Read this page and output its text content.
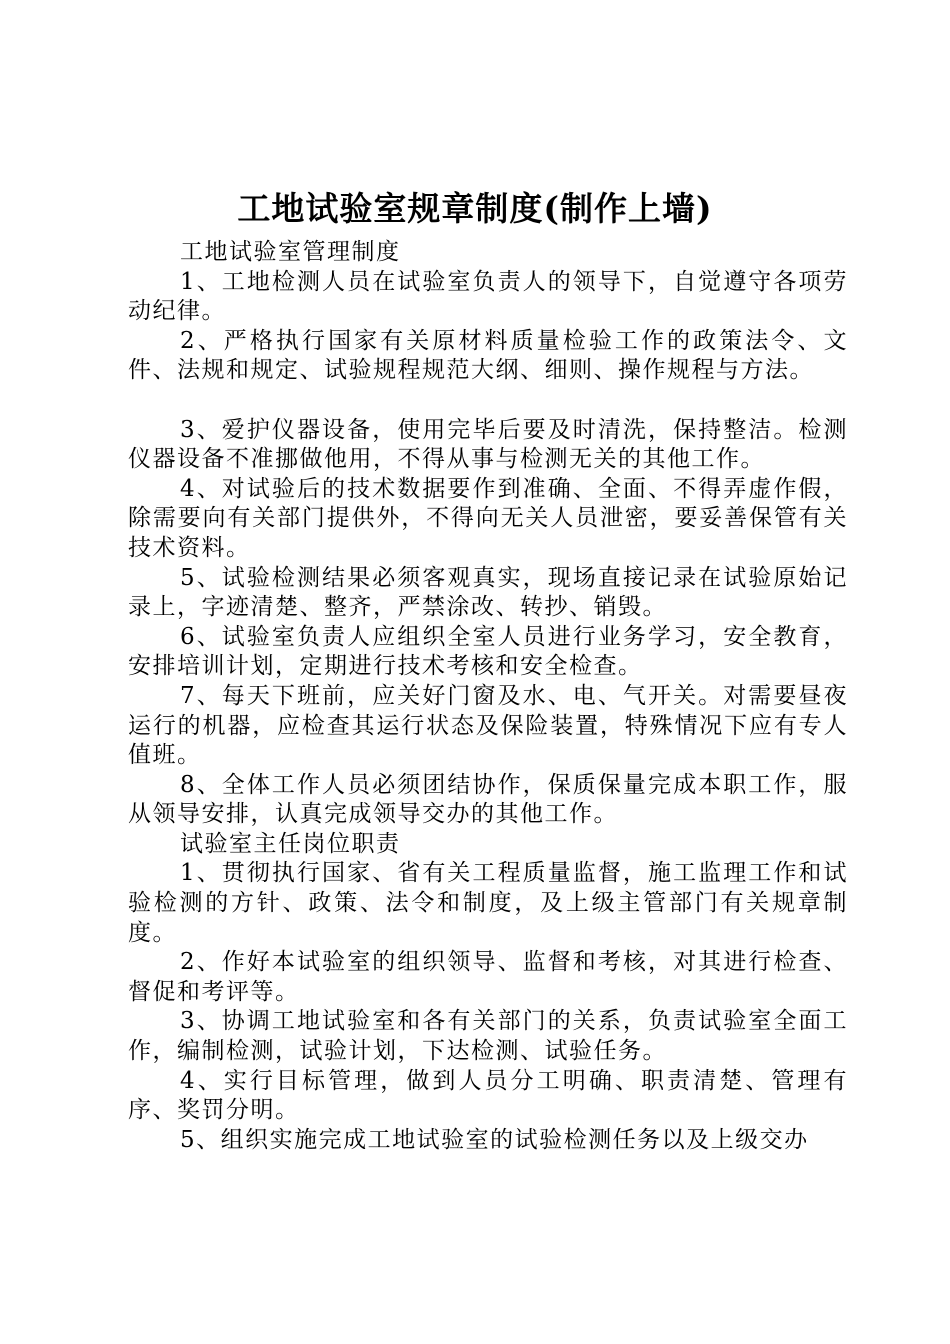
工地试验室规章制度(制作上墙)

工地试验室管理制度

1、工地检测人员在试验室负责人的领导下，自觉遵守各项劳动纪律。

2、严格执行国家有关原材料质量检验工作的政策法令、文件、法规和规定、试验规程规范大纲、细则、操作规程与方法。

3、爱护仪器设备，使用完毕后要及时清洗，保持整洁。检测仪器设备不准挪做他用，不得从事与检测无关的其他工作。

4、对试验后的技术数据要作到准确、全面、不得弄虚作假，除需要向有关部门提供外，不得向无关人员泄密，要妥善保管有关技术资料。

5、试验检测结果必须客观真实，现场直接记录在试验原始记录上，字迹清楚、整齐，严禁涂改、转抄、销毁。

6、试验室负责人应组织全室人员进行业务学习，安全教育，安排培训计划，定期进行技术考核和安全检查。

7、每天下班前，应关好门窗及水、电、气开关。对需要昼夜运行的机器，应检查其运行状态及保险装置，特殊情况下应有专人值班。

8、全体工作人员必须团结协作，保质保量完成本职工作，服从领导安排，认真完成领导交办的其他工作。

试验室主任岗位职责

1、贯彻执行国家、省有关工程质量监督，施工监理工作和试验检测的方针、政策、法令和制度，及上级主管部门有关规章制度。

2、作好本试验室的组织领导、监督和考核，对其进行检查、督促和考评等。

3、协调工地试验室和各有关部门的关系，负责试验室全面工作，编制检测，试验计划，下达检测、试验任务。

4、实行目标管理，做到人员分工明确、职责清楚、管理有序、奖罚分明。

5、组织实施完成工地试验室的试验检测任务以及上级交办
